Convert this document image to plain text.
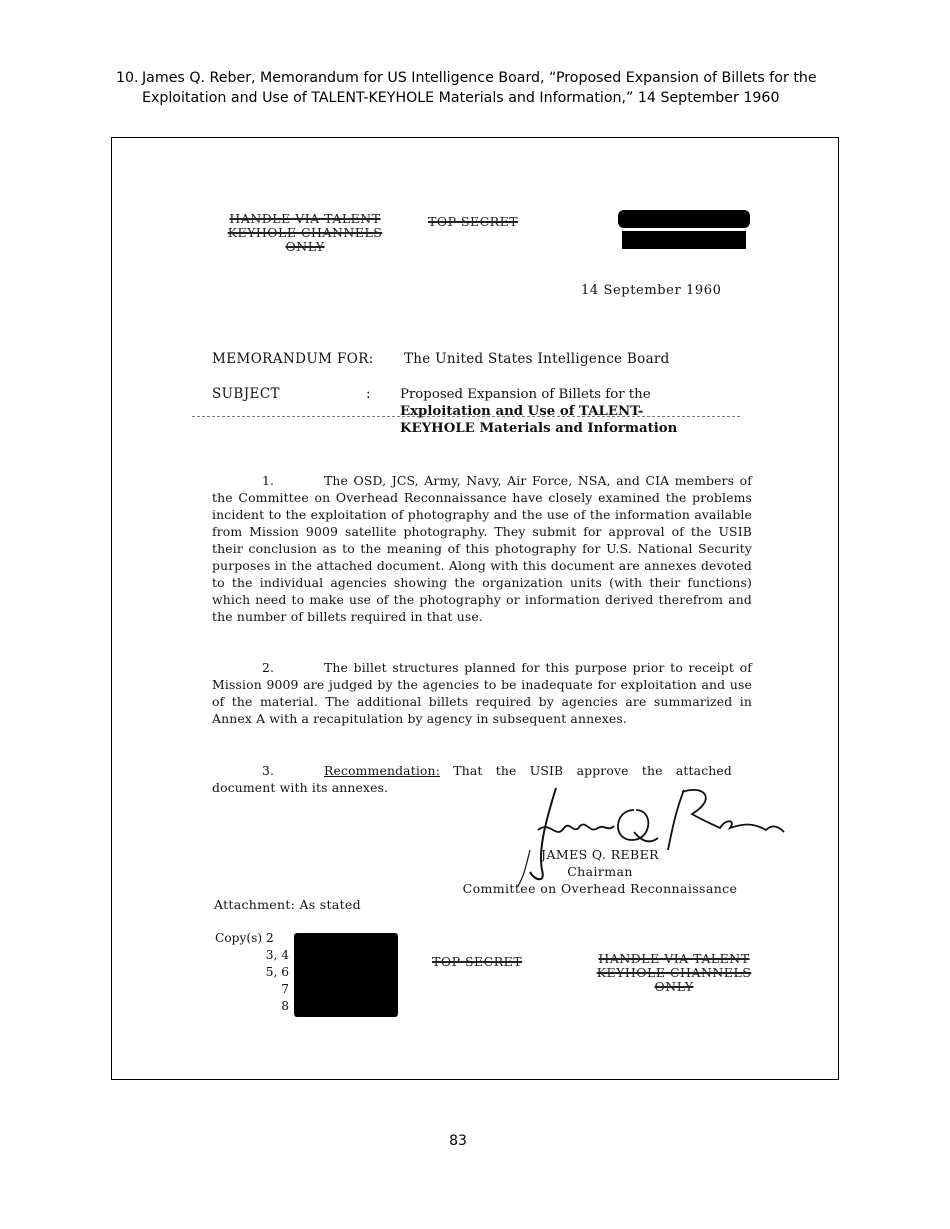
10. James Q. Reber, Memorandum for US Intelligence Board, “Proposed Expansion of Billets for the Exploitation and Use of TALENT-KEYHOLE Materials and Information,” 14 September 1960
HANDLE VIA TALENT
KEYHOLE CHANNELS
ONLY
TOP SECRET
14 September 1960
MEMORANDUM FOR: The United States Intelligence Board
SUBJECT	: Proposed Expansion of Billets for the
Exploitation and Use of TALENT-
KEYHOLE Materials and Information
1.	The OSD, JCS, Army, Navy, Air Force, NSA, and CIA members of the Committee on Overhead Reconnaissance have closely examined the problems incident to the exploitation of photography and the use of the information available from Mission 9009 satellite photography. They submit for approval of the USIB their conclusion as to the meaning of this photography for U.S. National Security purposes in the attached document. Along with this document are annexes devoted to the individual agencies showing the organization units (with their functions) which need to make use of the photography or information derived therefrom and the number of billets required in that use.
2.	The billet structures planned for this purpose prior to receipt of Mission 9009 are judged by the agencies to be inadequate for exploitation and use of the material. The additional billets required by agencies are summarized in Annex A with a recapitulation by agency in subsequent annexes.
3.	Recommendation: That the USIB approve the attached document with its annexes.
JAMES Q. REBER
Chairman
Committee on Overhead Reconnaissance
Attachment: As stated
Copy(s) 2
3, 4
5, 6
7
8
TOP SECRET	HANDLE VIA TALENT
KEYHOLE CHANNELS
ONLY
83
